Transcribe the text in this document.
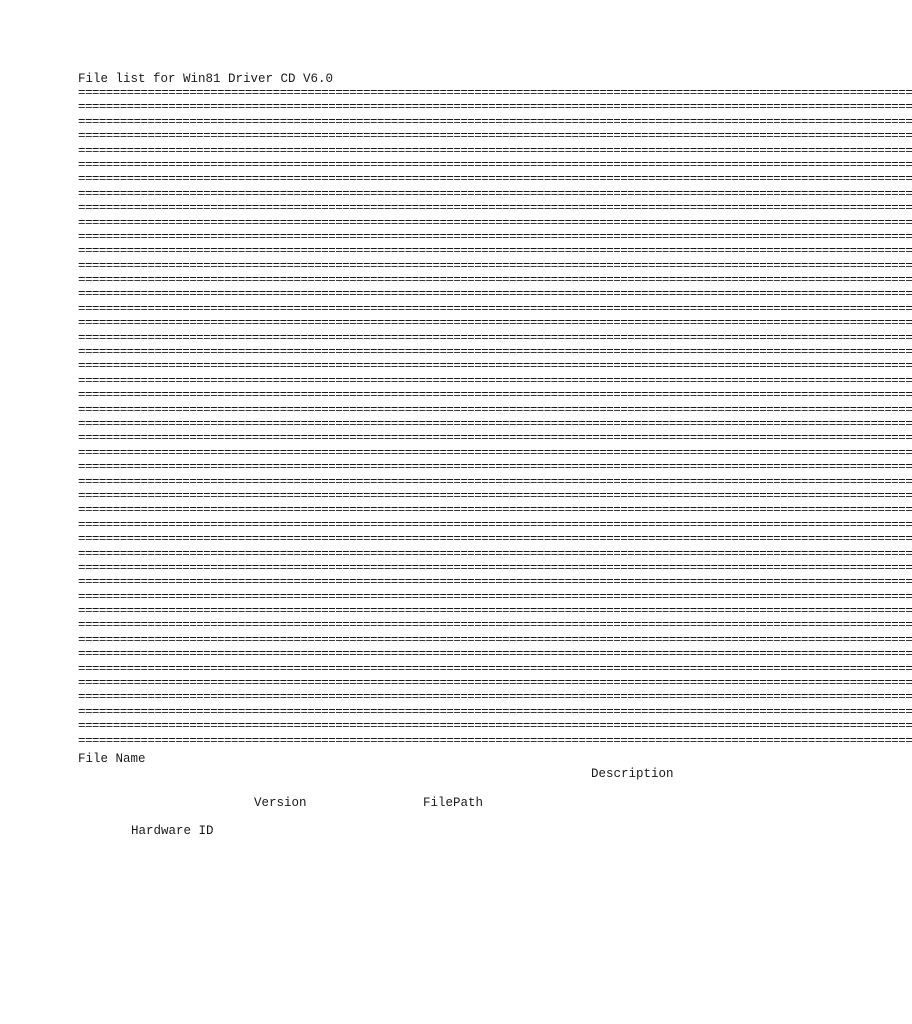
File list for Win81 Driver CD V6.0
========================================================================================================================
========================================================================================================================
========================================================================================================================
========================================================================================================================
========================================================================================================================
========================================================================================================================
========================================================================================================================
========================================================================================================================
========================================================================================================================
========================================================================================================================
========================================================================================================================
========================================================================================================================
========================================================================================================================
========================================================================================================================
========================================================================================================================
========================================================================================================================
========================================================================================================================
========================================================================================================================
========================================================================================================================
========================================================================================================================
========================================================================================================================
========================================================================================================================
========================================================================================================================
========================================================================================================================
========================================================================================================================
========================================================================================================================
========================================================================================================================
========================================================================================================================
========================================================================================================================
========================================================================================================================
========================================================================================================================
========================================================================================================================
========================================================================================================================
========================================================================================================================
========================================================================================================================
========================================================================================================================
========================================================================================================================
========================================================================================================================
========================================================================================================================
========================================================================================================================
========================================================================================================================
========================================================================================================================
========================================================================================================================
========================================================================================================================
========================================================================================================================
========================================================================================================================
File Name
Description
Version	FilePath
Hardware ID
